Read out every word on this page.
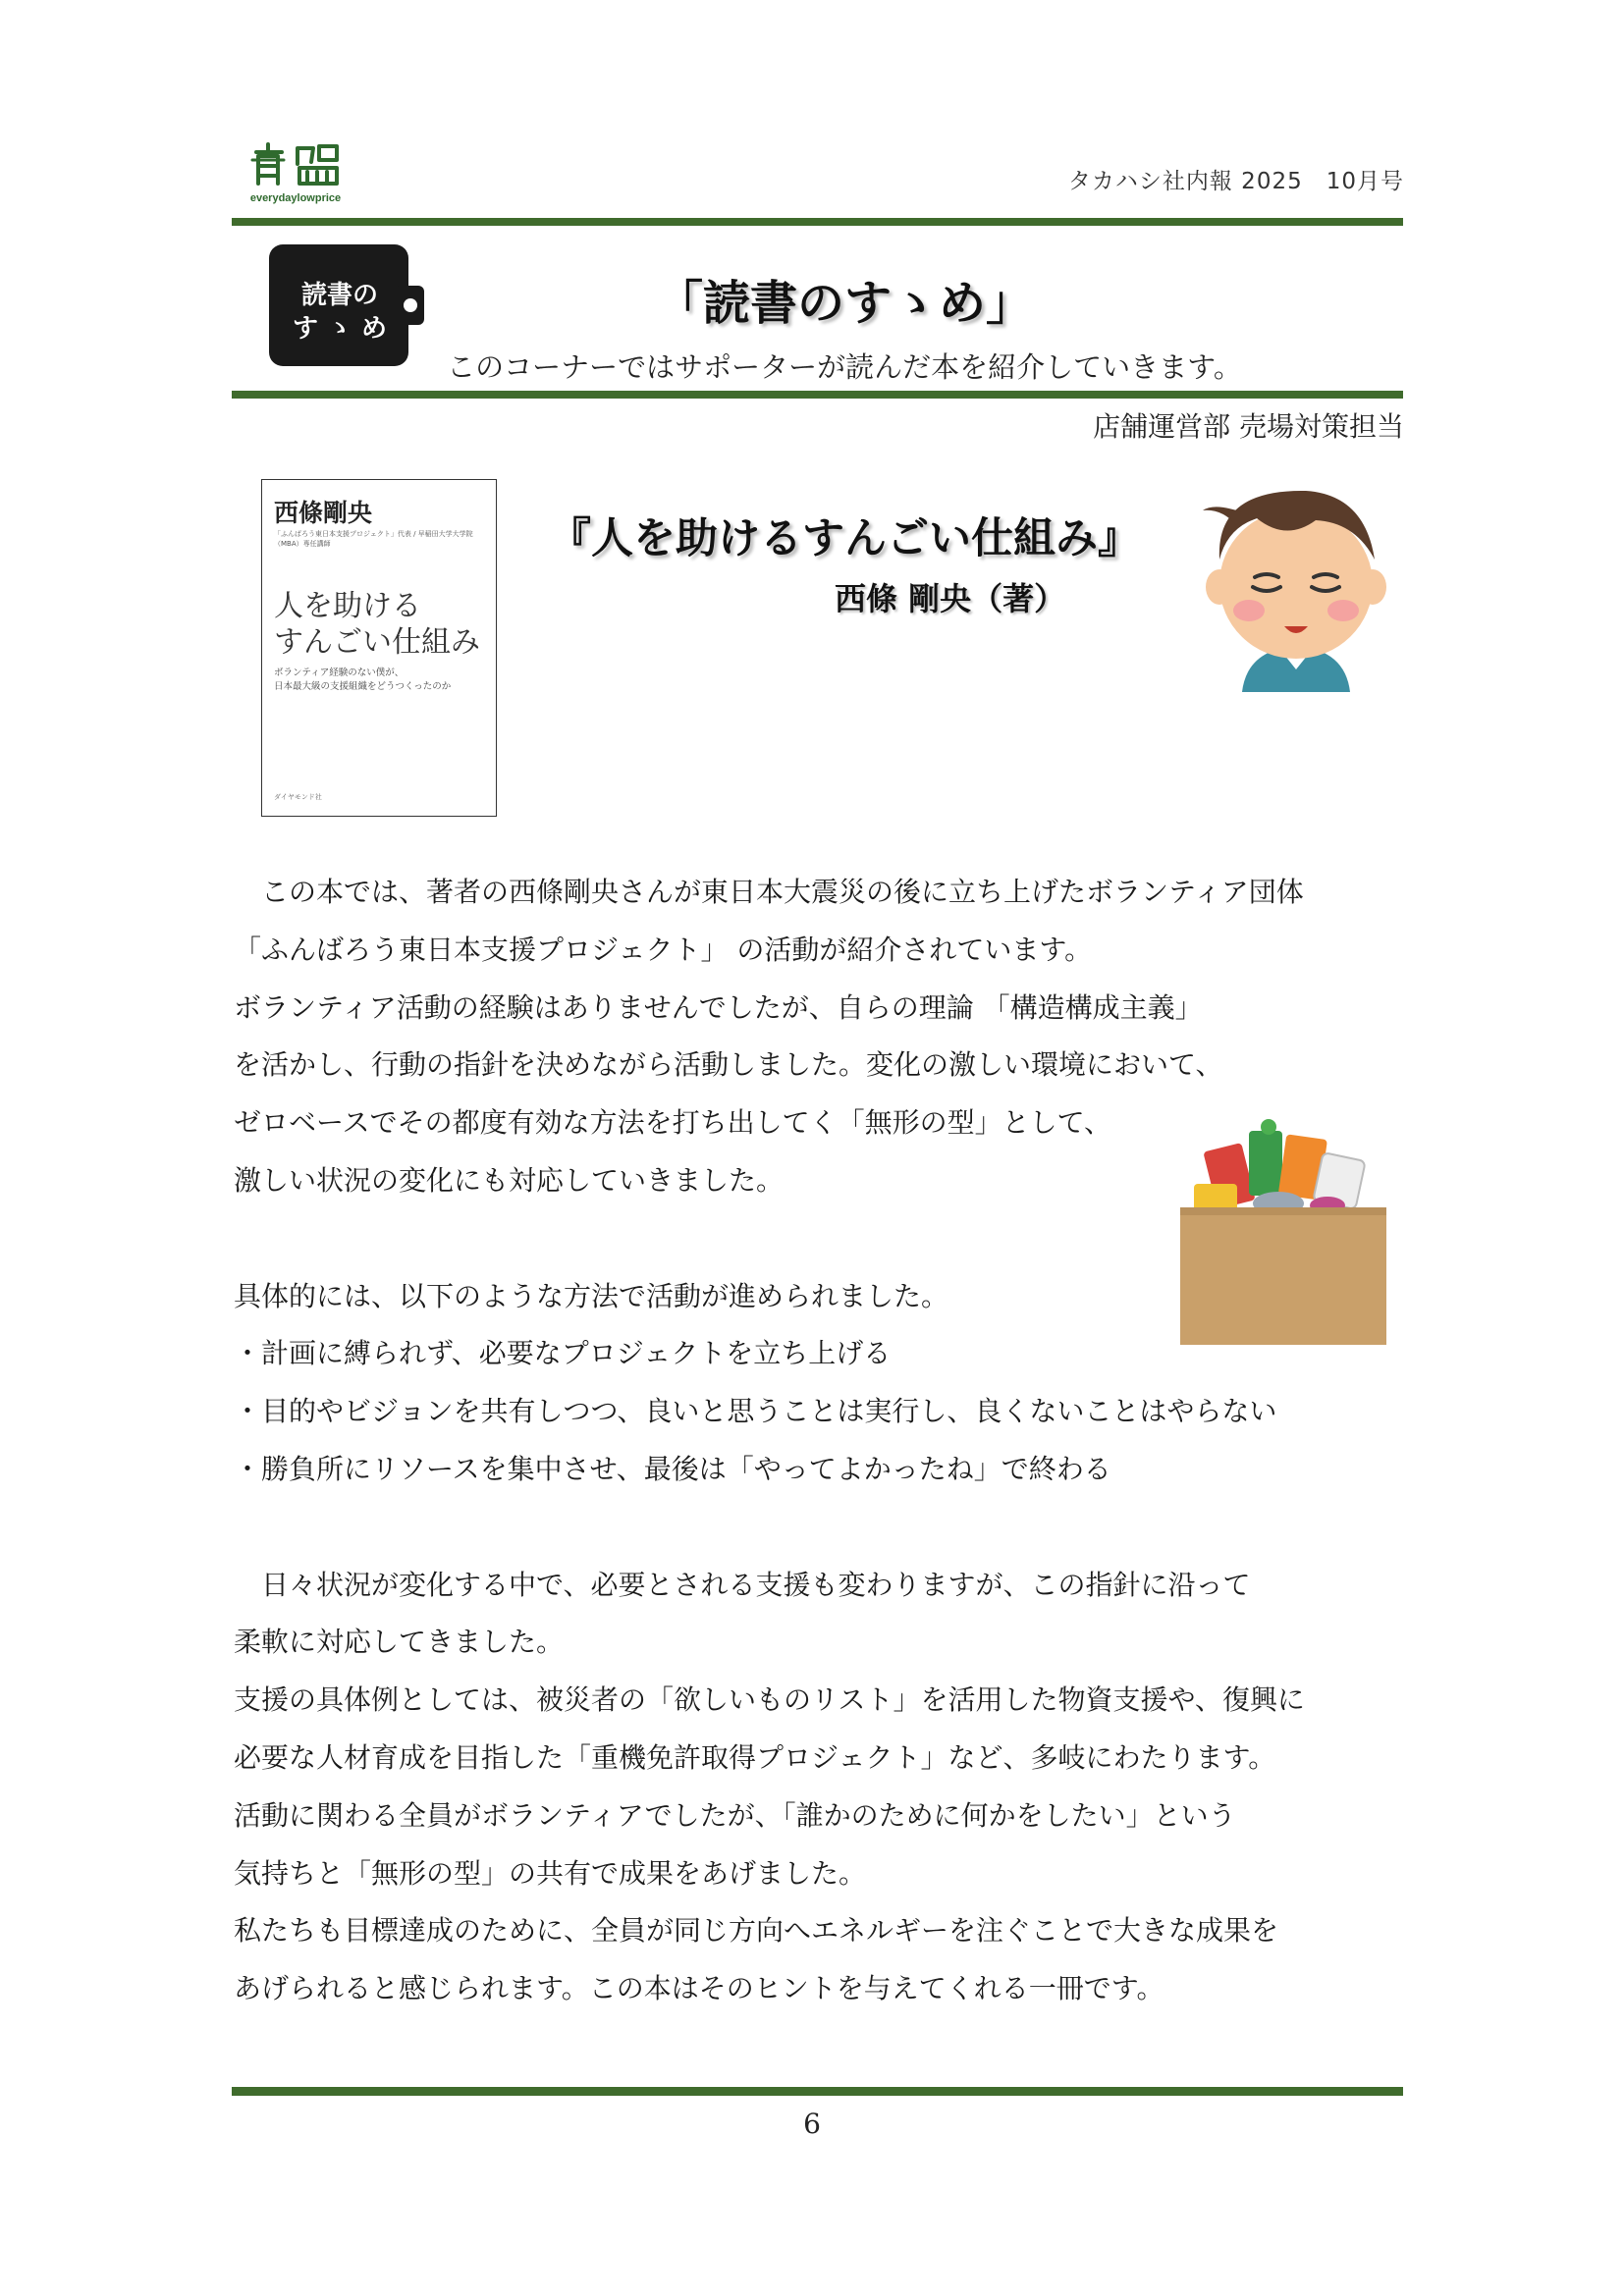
everydaylowprice
タカハシ社内報 2025　10月号
読書の
す ゝ め	「読書のすゝめ」
このコーナーではサポーターが読んだ本を紹介していきます。
店舗運営部 売場対策担当
西條剛央
「ふんばろう東日本支援プロジェクト」代表 / 早稲田大学大学院（MBA）専任講師
人を助ける
すんごい仕組み
ボランティア経験のない僕が、
日本最大級の支援組織をどうつくったのか
ダイヤモンド社
『人を助けるすんごい仕組み』
西條 剛央（著）

　この本では、著者の西條剛央さんが東日本大震災の後に立ち上げたボランティア団体

「ふんばろう東日本支援プロジェクト」 の活動が紹介されています。

ボランティア活動の経験はありませんでしたが、自らの理論 「構造構成主義」

を活かし、行動の指針を決めながら活動しました。変化の激しい環境において、

ゼロベースでその都度有効な方法を打ち出してく「無形の型」として、

激しい状況の変化にも対応していきました。

具体的には、以下のような方法で活動が進められました。

・計画に縛られず、必要なプロジェクトを立ち上げる

・目的やビジョンを共有しつつ、良いと思うことは実行し、良くないことはやらない

・勝負所にリソースを集中させ、最後は「やってよかったね」で終わる

　日々状況が変化する中で、必要とされる支援も変わりますが、この指針に沿って

柔軟に対応してきました。

支援の具体例としては、被災者の「欲しいものリスト」を活用した物資支援や、復興に

必要な人材育成を目指した「重機免許取得プロジェクト」など、多岐にわたります。

活動に関わる全員がボランティアでしたが、「誰かのために何かをしたい」という

気持ちと「無形の型」の共有で成果をあげました。

私たちも目標達成のために、全員が同じ方向へエネルギーを注ぐことで大きな成果を

あげられると感じられます。この本はそのヒントを与えてくれる一冊です。

6
